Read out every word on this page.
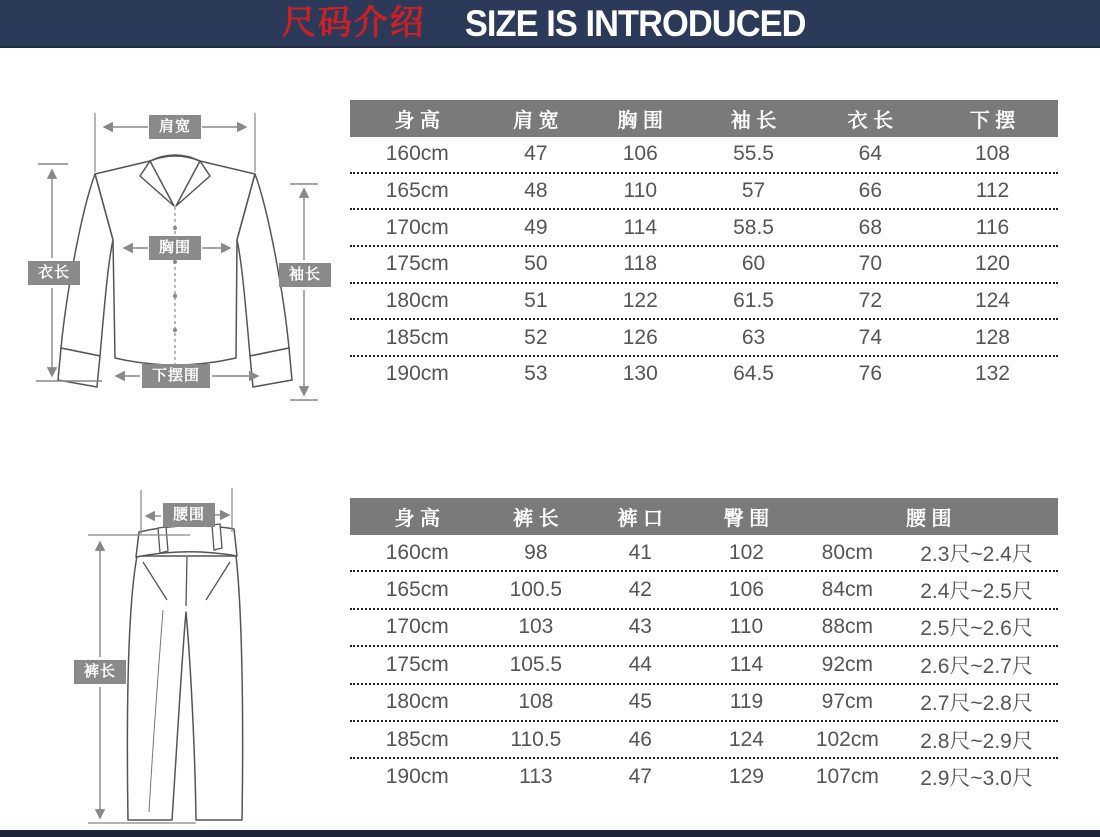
尺码介绍 SIZE IS INTRODUCED
肩宽
衣长
胸围
袖长
下摆围
腰围
裤长
身 高	肩 宽	胸 围	袖 长	衣 长	下 摆
160cm	47	106	55.5	64	108
165cm	48	110	57	66	112
170cm	49	114	58.5	68	116
175cm	50	118	60	70	120
180cm	51	122	61.5	72	124
185cm	52	126	63	74	128
190cm	53	130	64.5	76	132
身 高	裤 长	裤 口	臀 围	腰 围
160cm	98	41	102	80cm	2.3尺~2.4尺
165cm	100.5	42	106	84cm	2.4尺~2.5尺
170cm	103	43	110	88cm	2.5尺~2.6尺
175cm	105.5	44	114	92cm	2.6尺~2.7尺
180cm	108	45	119	97cm	2.7尺~2.8尺
185cm	110.5	46	124	102cm	2.8尺~2.9尺
190cm	113	47	129	107cm	2.9尺~3.0尺
